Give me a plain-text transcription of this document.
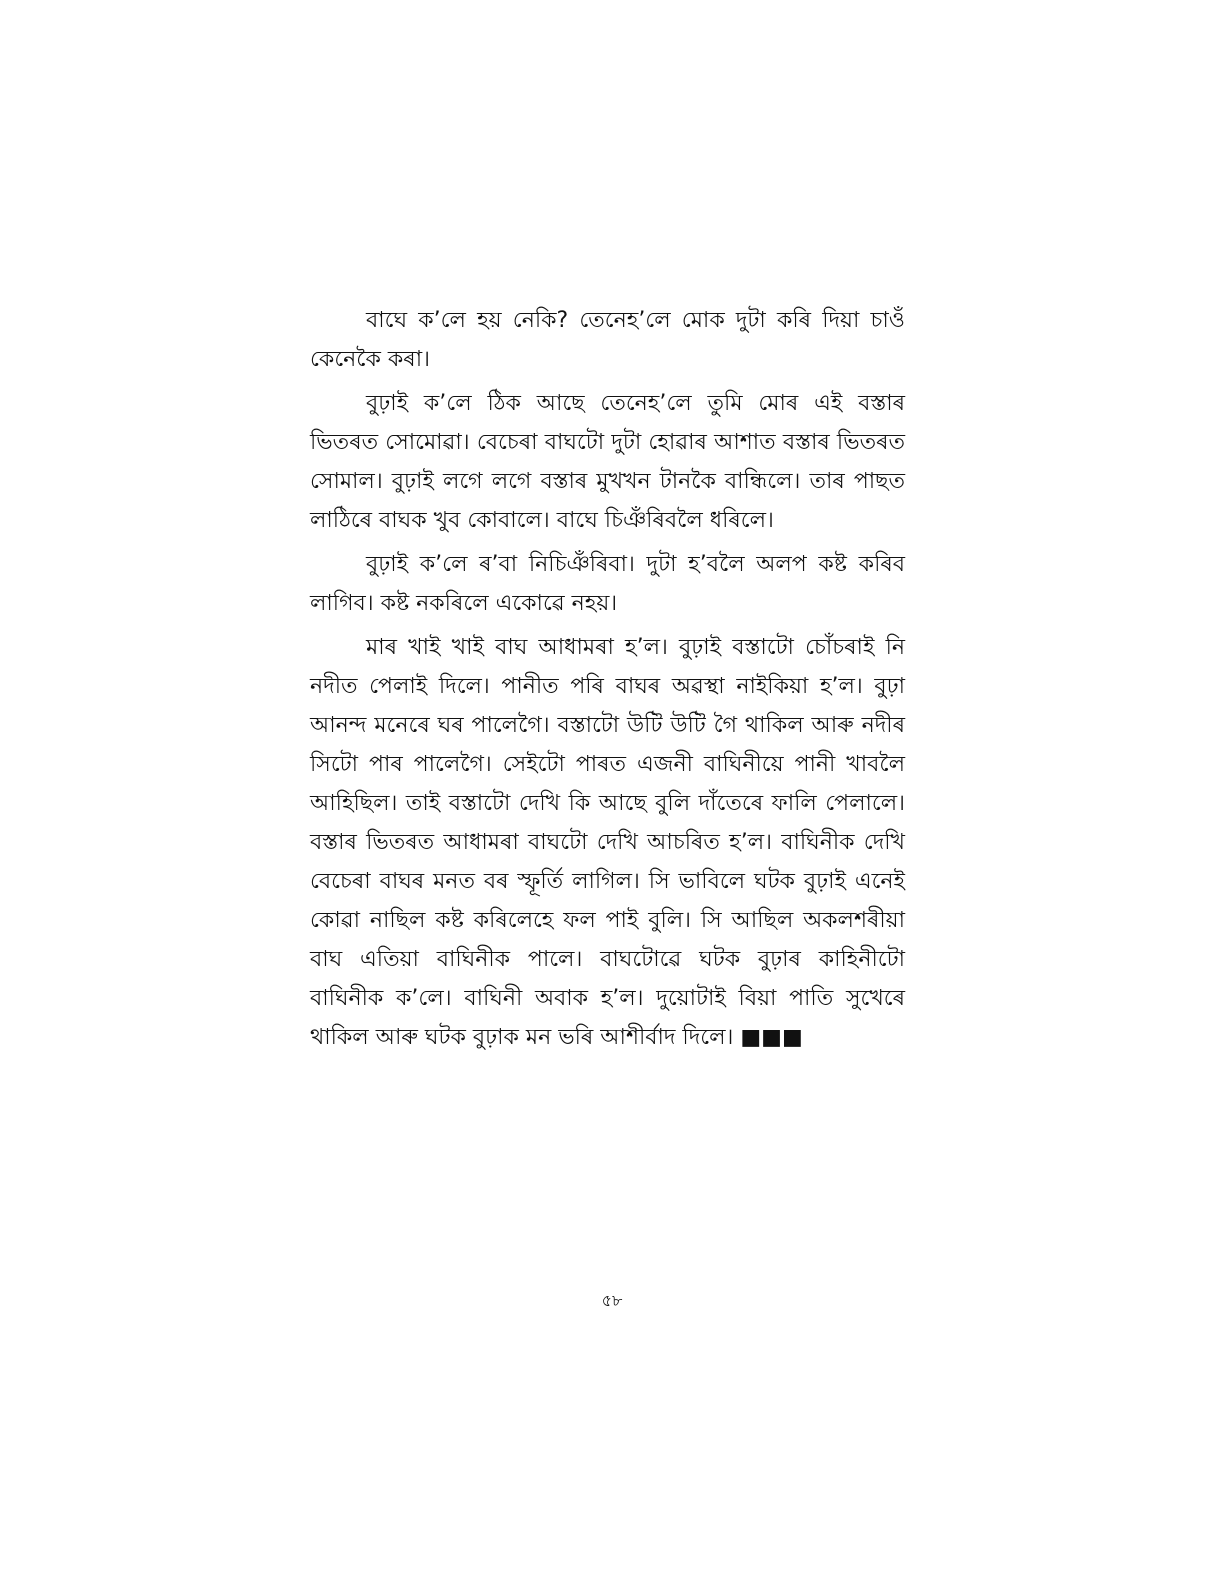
বাঘে ক’লে হয় নেকি? তেনেহ’লে মোক দুটা কৰি দিয়া চাওঁ কেনেকৈ কৰা।

বুঢ়াই ক’লে ঠিক আছে তেনেহ’লে তুমি মোৰ এই বস্তাৰ ভিতৰত সোমোৱা। বেচেৰা বাঘটো দুটা হোৱাৰ আশাত বস্তাৰ ভিতৰত সোমাল। বুঢ়াই লগে লগে বস্তাৰ মুখখন টানকৈ বান্ধিলে। তাৰ পাছত লাঠিৰে বাঘক খুব কোবালে। বাঘে চিঞঁৰিবলৈ ধৰিলে।

বুঢ়াই ক’লে ৰ’বা নিচিঞঁৰিবা। দুটা হ’বলৈ অলপ কষ্ট কৰিব লাগিব। কষ্ট নকৰিলে একোৱে নহয়।

মাৰ খাই খাই বাঘ আধামৰা হ’ল। বুঢ়াই বস্তাটো চোঁচৰাই নি নদীত পেলাই দিলে। পানীত পৰি বাঘৰ অৱস্থা নাইকিয়া হ’ল। বুঢ়া আনন্দ মনেৰে ঘৰ পালেগৈ। বস্তাটো উটি উটি গৈ থাকিল আৰু নদীৰ সিটো পাৰ পালেগৈ। সেইটো পাৰত এজনী বাঘিনীয়ে পানী খাবলৈ আহিছিল। তাই বস্তাটো দেখি কি আছে বুলি দাঁতেৰে ফালি পেলালে। বস্তাৰ ভিতৰত আধামৰা বাঘটো দেখি আচৰিত হ’ল। বাঘিনীক দেখি বেচেৰা বাঘৰ মনত বৰ স্ফূৰ্তি লাগিল। সি ভাবিলে ঘটক বুঢ়াই এনেই কোৱা নাছিল কষ্ট কৰিলেহে ফল পাই বুলি। সি আছিল অকলশৰীয়া বাঘ এতিয়া বাঘিনীক পালে। বাঘটোৱে ঘটক বুঢ়াৰ কাহিনীটো বাঘিনীক ক’লে। বাঘিনী অবাক হ’ল। দুয়োটাই বিয়া পাতি সুখেৰে থাকিল আৰু ঘটক বুঢ়াক মন ভৰি আশীৰ্বাদ দিলে। ■■■

৫৮
